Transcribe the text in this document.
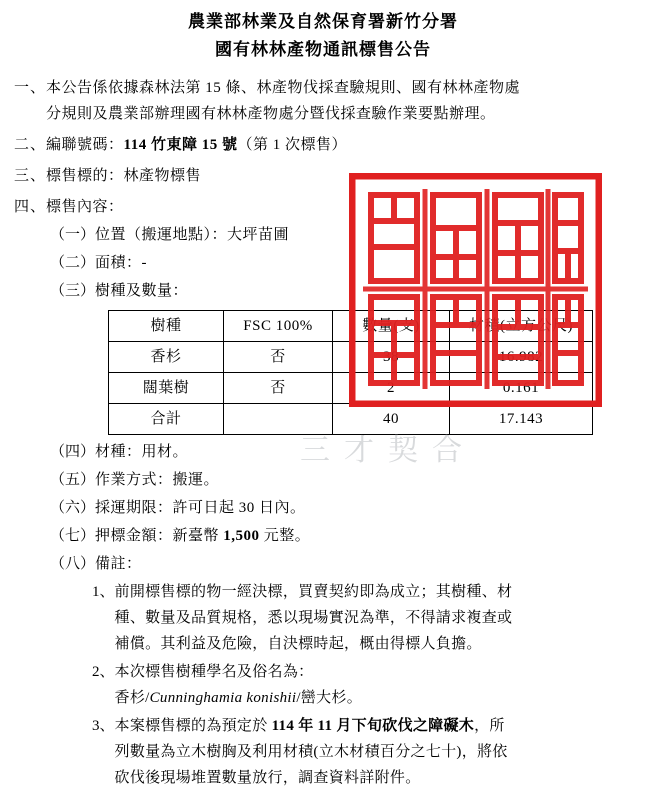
農業部林業及自然保育署新竹分署
國有林林產物通訊標售公告
一、 本公告係依據森林法第 15 條、林產物伐採查驗規則、國有林林產物處
分規則及農業部辦理國有林林產物處分暨伐採查驗作業要點辦理。
二、 編聯號碼：114 竹東障 15 號（第 1 次標售）
三、 標售標的：林產物標售
四、 標售內容：
（一） 位置（搬運地點）：大坪苗圃
（二） 面積：-
（三） 樹種及數量：
樹種	FSC 100%	數量(支)	材積(立方公尺)
香杉	否	38	16.982
闊葉樹	否	2	0.161
合計		40	17.143
（四） 材種：用材。
（五） 作業方式：搬運。
（六） 採運期限：許可日起 30 日內。
（七） 押標金額：新臺幣 1,500 元整。
（八） 備註：
1、 前開標售標的物一經決標，買賣契約即為成立；其樹種、材
種、數量及品質規格，悉以現場實況為準，不得請求複查或
補償。其利益及危險，自決標時起，概由得標人負擔。
2、 本次標售樹種學名及俗名為：
香杉/Cunninghamia konishii/巒大杉。
3、 本案標售標的為預定於 114 年 11 月下旬砍伐之障礙木，所
列數量為立木樹胸及利用材積(立木材積百分之七十)，將依
砍伐後現場堆置數量放行，調查資料詳附件。
三才契合
